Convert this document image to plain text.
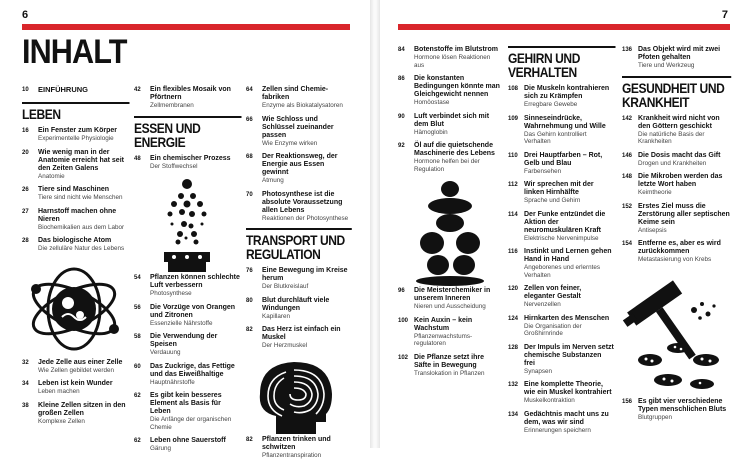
6
INHALT
10	EINFÜHRUNG
LEBEN
16	Ein Fenster zum Körper
Experimentelle Physiologie
20	Wie wenig man in der Anatomie erreicht hat seit den Zeiten Galens
Anatomie
26	Tiere sind Maschinen
Tiere sind nicht wie Menschen
27	Harnstoff machen ohne Nieren
Biochemikalien aus dem Labor
28	Das biologische Atom
Die zelluläre Natur des Lebens
32	Jede Zelle aus einer Zelle
Wie Zellen gebildet werden
34	Leben ist kein Wunder
Leben machen
38	Kleine Zellen sitzen in den großen Zellen
Komplexe Zellen
42	Ein flexibles Mosaik von Pförtnern
Zellmembranen
ESSEN UND ENERGIE
48	Ein chemischer Prozess
Der Stoffwechsel
54	Pflanzen können schlechte Luft verbessern
Photosynthese
56	Die Vorzüge von Orangen und Zitronen
Essenzielle Nährstoffe
58	Die Verwendung der Speisen
Verdauung
60	Das Zuckrige, das Fettige und das Eiweißhaltige
Hauptnährstoffe
62	Es gibt kein besseres Element als Basis für Leben
Die Anfänge der organischen Chemie
62	Leben ohne Sauerstoff
Gärung
64	Zellen sind Chemie-fabriken
Enzyme als Biokatalysatoren
66	Wie Schloss und Schlüssel zueinander passen
Wie Enzyme wirken
68	Der Reaktionsweg, der Energie aus Essen gewinnt
Atmung
70	Photosynthese ist die absolute Voraussetzung allen Lebens
Reaktionen der Photosynthese
TRANSPORT UND REGULATION
76	Eine Bewegung im Kreise herum
Der Blutkreislauf
80	Blut durchläuft viele Windungen
Kapillaren
82	Das Herz ist einfach ein Muskel
Der Herzmuskel
82	Pflanzen trinken und schwitzen
Pflanzentranspiration
7
84	Botenstoffe im Blutstrom
Hormone lösen Reaktionen aus
86	Die konstanten Bedingungen könnte man Gleichgewicht nennen
Homöostase
90	Luft verbindet sich mit dem Blut
Hämoglobin
92	Öl auf die quietschende Maschinerie des Lebens
Hormone helfen bei der Regulation
96	Die Meisterchemiker in unserem Inneren
Nieren und Ausscheidung
100 Kein Auxin – kein Wachstum
Pflanzenwachstums-regulatoren
102 Die Pflanze setzt ihre Säfte in Bewegung
Translokation in Pflanzen
GEHIRN UND VERHALTEN
108 Die Muskeln kontrahieren sich zu Krämpfen
Erregbare Gewebe
109 Sinneseindrücke, Wahrnehmung und Wille
Das Gehirn kontrolliert Verhalten
110 Drei Hauptfarben – Rot, Gelb und Blau
Farbensehen
112 Wir sprechen mit der linken Hirnhälfte
Sprache und Gehirn
114 Der Funke entzündet die Aktion der neuromuskulären Kraft
Elektrische Nervenimpulse
116 Instinkt und Lernen gehen Hand in Hand
Angeborenes und erlerntes Verhalten
120 Zellen von feiner, eleganter Gestalt
Nervenzellen
124 Hirnkarten des Menschen
Die Organisation der Großhirnrinde
128 Der Impuls im Nerven setzt chemische Substanzen frei
Synapsen
132 Eine komplette Theorie, wie ein Muskel kontrahiert
Muskelkontraktion
134 Gedächtnis macht uns zu dem, was wir sind
Erinnerungen speichern
136 Das Objekt wird mit zwei Pfoten gehalten
Tiere und Werkzeug
GESUNDHEIT UND KRANKHEIT
142 Krankheit wird nicht von den Göttern geschickt
Die natürliche Basis der Krankheiten
146 Die Dosis macht das Gift
Drogen und Krankheiten
148 Die Mikroben werden das letzte Wort haben
Keimtheorie
152 Erstes Ziel muss die Zerstörung aller septischen Keime sein
Antisepsis
154 Entferne es, aber es wird zurückkommen
Metastasierung von Krebs
156 Es gibt vier verschiedene Typen menschlichen Bluts
Blutgruppen
